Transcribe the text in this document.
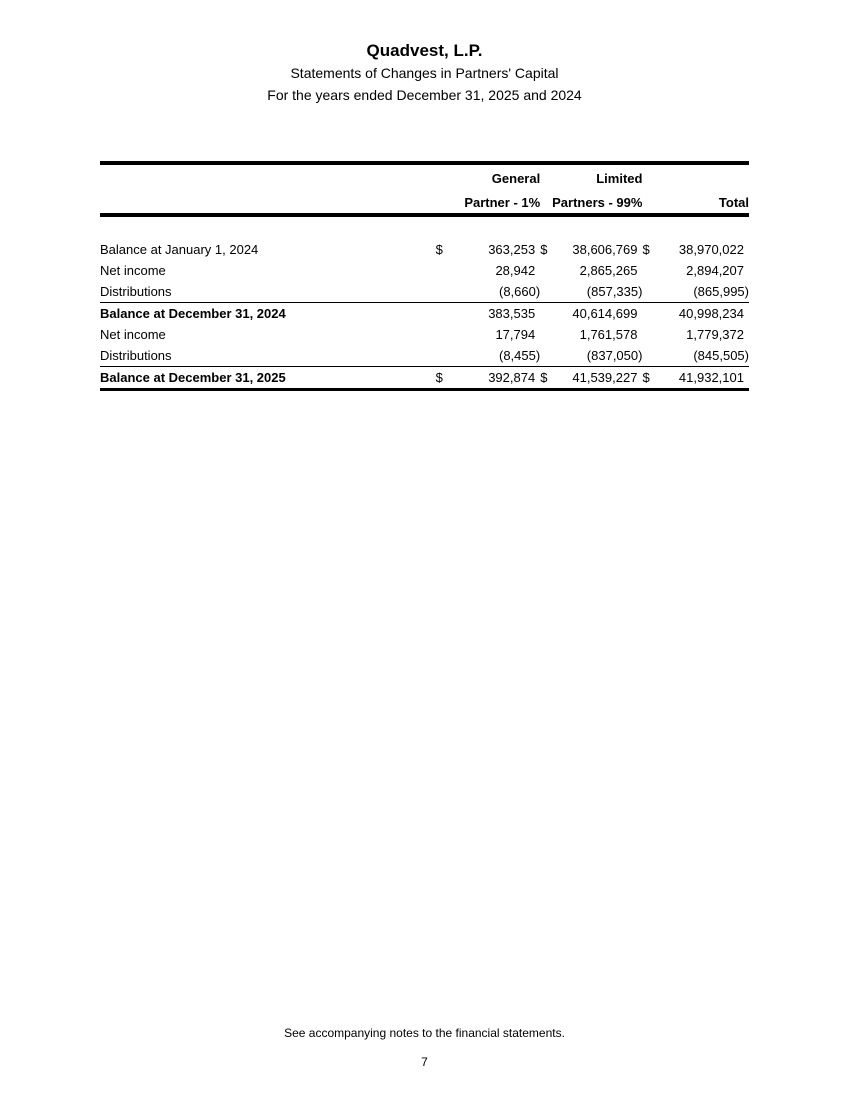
Quadvest, L.P.
Statements of Changes in Partners' Capital
For the years ended December 31, 2025 and 2024
		General		Limited		
		Partner - 1%		Partners - 99%		Total

Balance at January 1, 2024	$	363,253	$	38,606,769	$	38,970,022
Net income		28,942		2,865,265		2,894,207
Distributions		(8,660)		(857,335)		(865,995)
Balance at December 31, 2024		383,535		40,614,699		40,998,234
Net income		17,794		1,761,578		1,779,372
Distributions		(8,455)		(837,050)		(845,505)
Balance at December 31, 2025	$	392,874	$	41,539,227	$	41,932,101
See accompanying notes to the financial statements.
7
